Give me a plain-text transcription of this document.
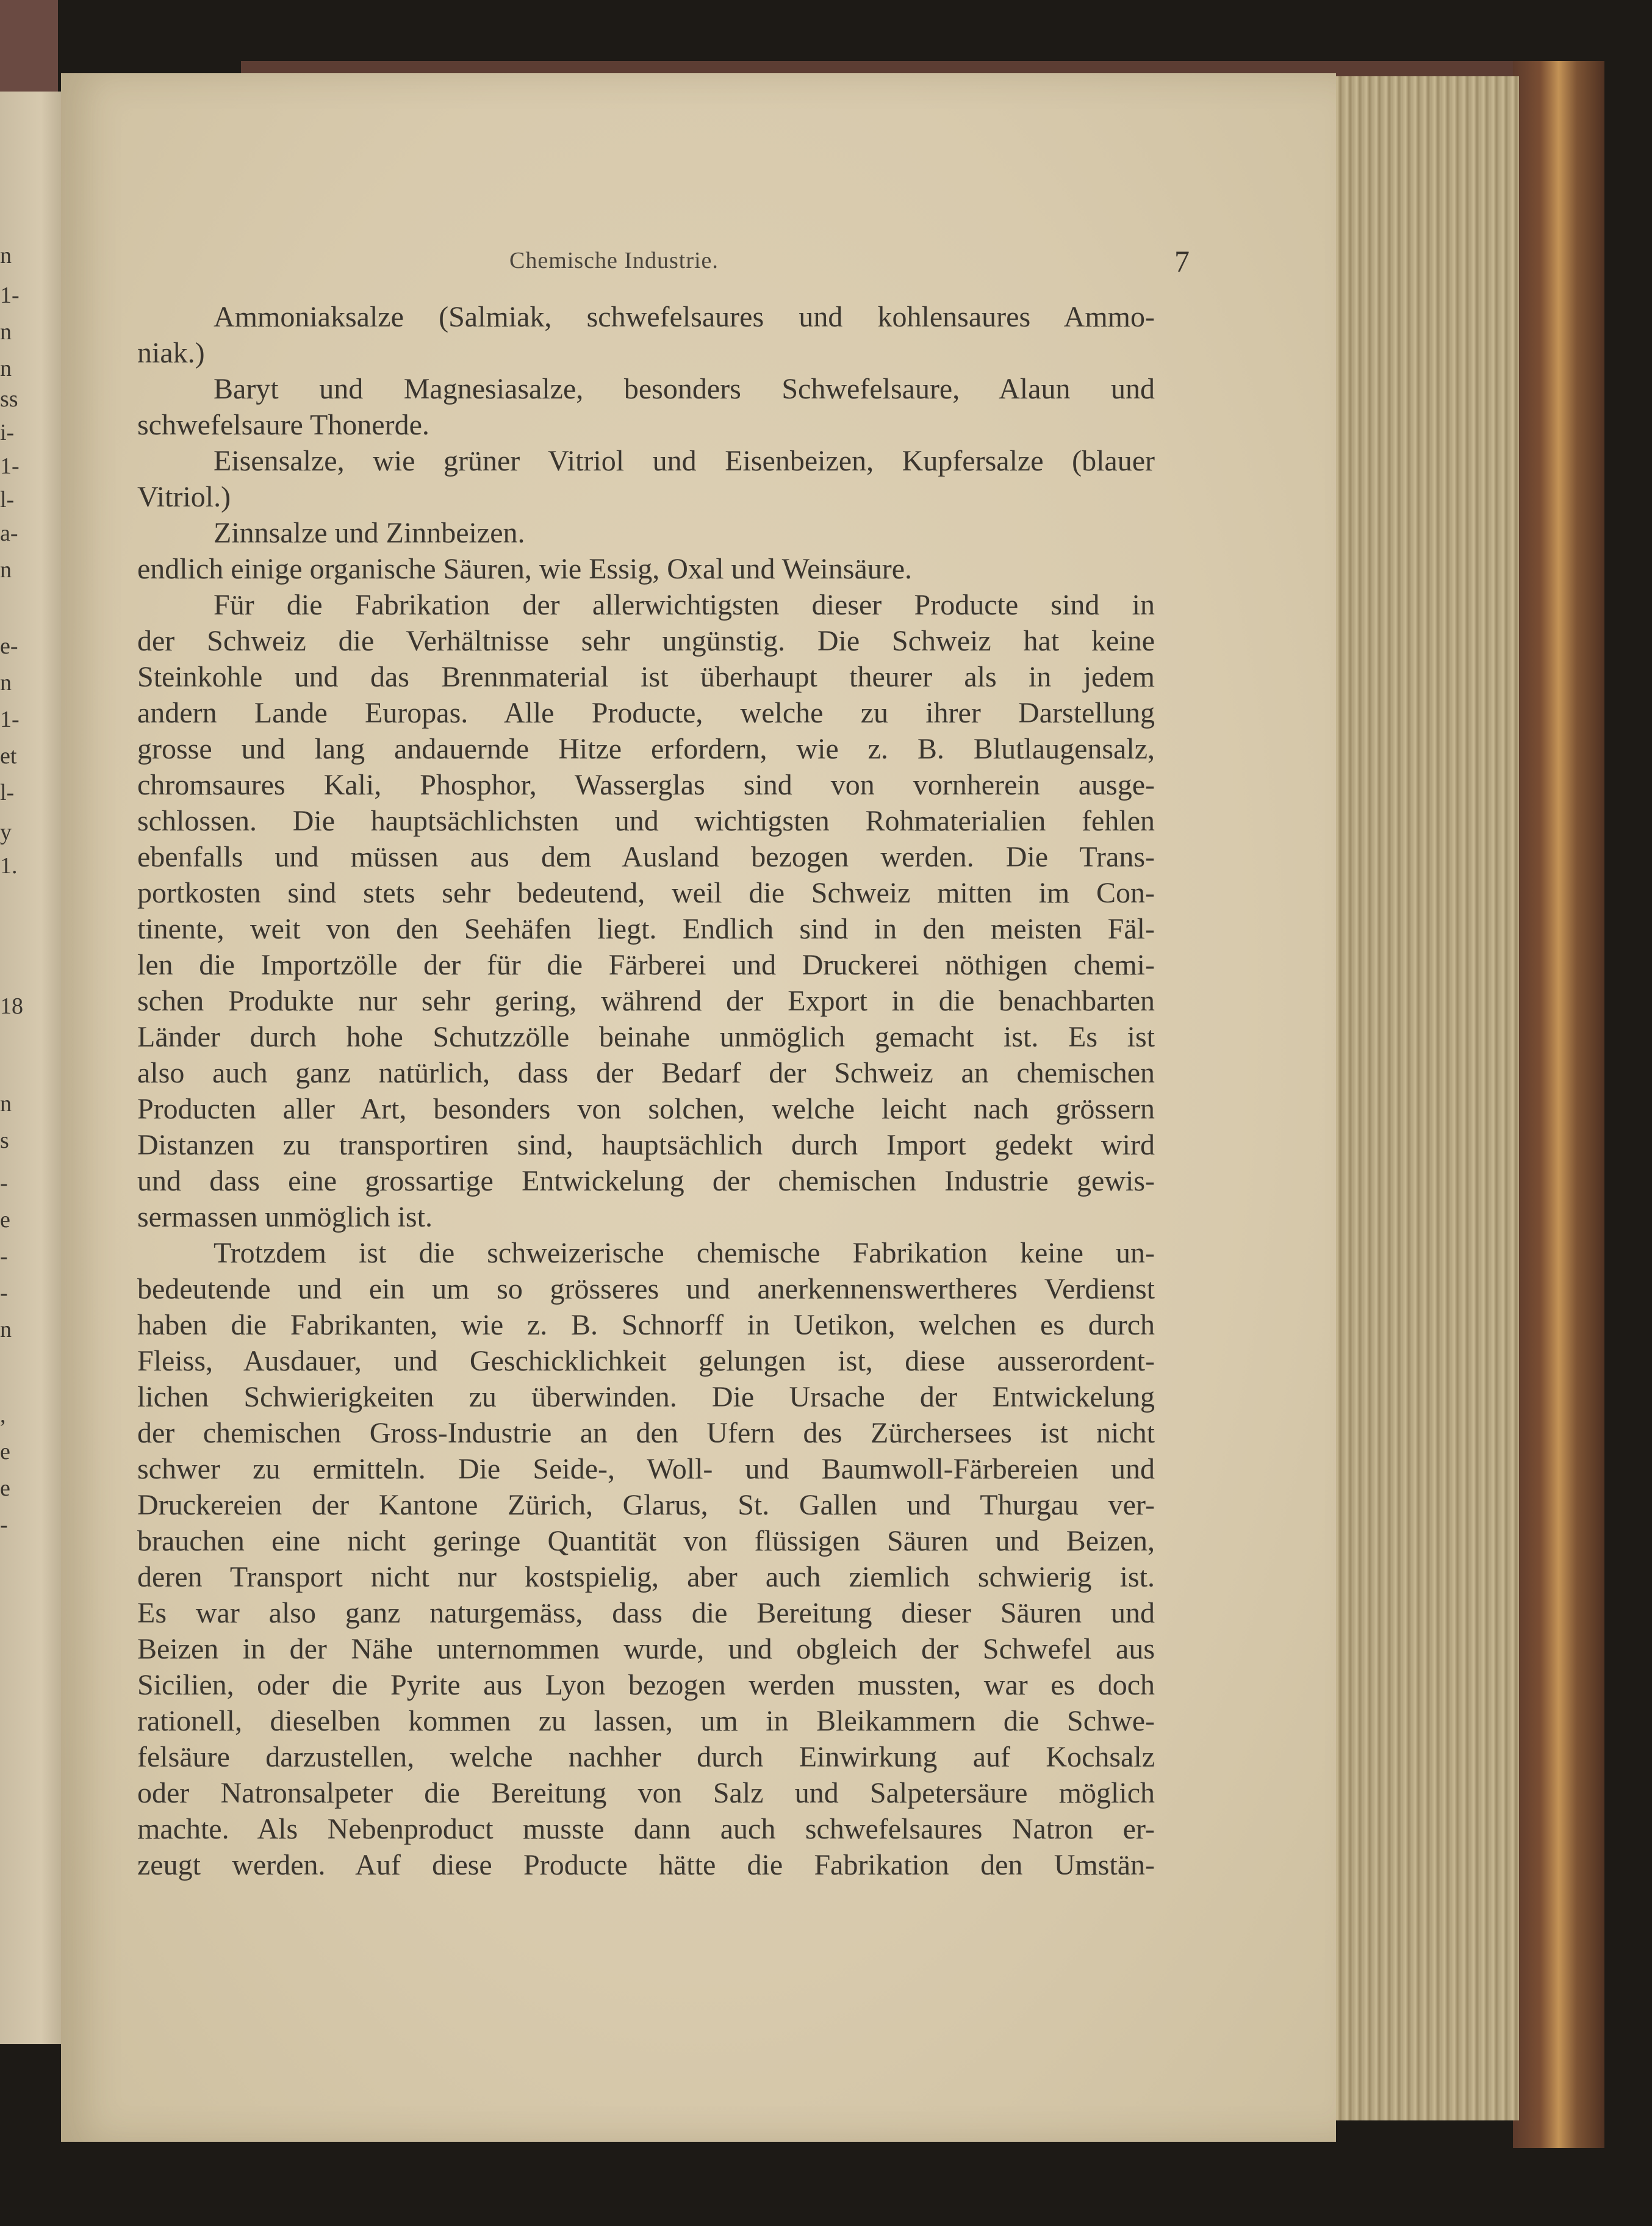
n
1-
n
n
ss
i-
1-
l-
a-
n
e-
n
1-
et
l-
y
1.
18
n
s
-
e
-
-
n
,
e
e
-
Chemische Industrie.	7
Ammoniaksalze (Salmiak, schwefelsaures und kohlensaures Ammo-
niak.)
Baryt und Magnesiasalze, besonders Schwefelsaure, Alaun und
schwefelsaure Thonerde.
Eisensalze, wie grüner Vitriol und Eisenbeizen, Kupfersalze (blauer
Vitriol.)
Zinnsalze und Zinnbeizen.
endlich einige organische Säuren, wie Essig, Oxal und Weinsäure.
Für die Fabrikation der allerwichtigsten dieser Producte sind in
der Schweiz die Verhältnisse sehr ungünstig. Die Schweiz hat keine
Steinkohle und das Brennmaterial ist überhaupt theurer als in jedem
andern Lande Europas. Alle Producte, welche zu ihrer Darstellung
grosse und lang andauernde Hitze erfordern, wie z. B. Blutlaugensalz,
chromsaures Kali, Phosphor, Wasserglas sind von vornherein ausge-
schlossen. Die hauptsächlichsten und wichtigsten Rohmaterialien fehlen
ebenfalls und müssen aus dem Ausland bezogen werden. Die Trans-
portkosten sind stets sehr bedeutend, weil die Schweiz mitten im Con-
tinente, weit von den Seehäfen liegt. Endlich sind in den meisten Fäl-
len die Importzölle der für die Färberei und Druckerei nöthigen chemi-
schen Produkte nur sehr gering, während der Export in die benachbarten
Länder durch hohe Schutzzölle beinahe unmöglich gemacht ist. Es ist
also auch ganz natürlich, dass der Bedarf der Schweiz an chemischen
Producten aller Art, besonders von solchen, welche leicht nach grössern
Distanzen zu transportiren sind, hauptsächlich durch Import gedekt wird
und dass eine grossartige Entwickelung der chemischen Industrie gewis-
sermassen unmöglich ist.
Trotzdem ist die schweizerische chemische Fabrikation keine un-
bedeutende und ein um so grösseres und anerkennenswertheres Verdienst
haben die Fabrikanten, wie z. B. Schnorff in Uetikon, welchen es durch
Fleiss, Ausdauer, und Geschicklichkeit gelungen ist, diese ausserordent-
lichen Schwierigkeiten zu überwinden. Die Ursache der Entwickelung
der chemischen Gross-Industrie an den Ufern des Zürchersees ist nicht
schwer zu ermitteln. Die Seide-, Woll- und Baumwoll-Färbereien und
Druckereien der Kantone Zürich, Glarus, St. Gallen und Thurgau ver-
brauchen eine nicht geringe Quantität von flüssigen Säuren und Beizen,
deren Transport nicht nur kostspielig, aber auch ziemlich schwierig ist.
Es war also ganz naturgemäss, dass die Bereitung dieser Säuren und
Beizen in der Nähe unternommen wurde, und obgleich der Schwefel aus
Sicilien, oder die Pyrite aus Lyon bezogen werden mussten, war es doch
rationell, dieselben kommen zu lassen, um in Bleikammern die Schwe-
felsäure darzustellen, welche nachher durch Einwirkung auf Kochsalz
oder Natronsalpeter die Bereitung von Salz und Salpetersäure möglich
machte. Als Nebenproduct musste dann auch schwefelsaures Natron er-
zeugt werden. Auf diese Producte hätte die Fabrikation den Umstän-
